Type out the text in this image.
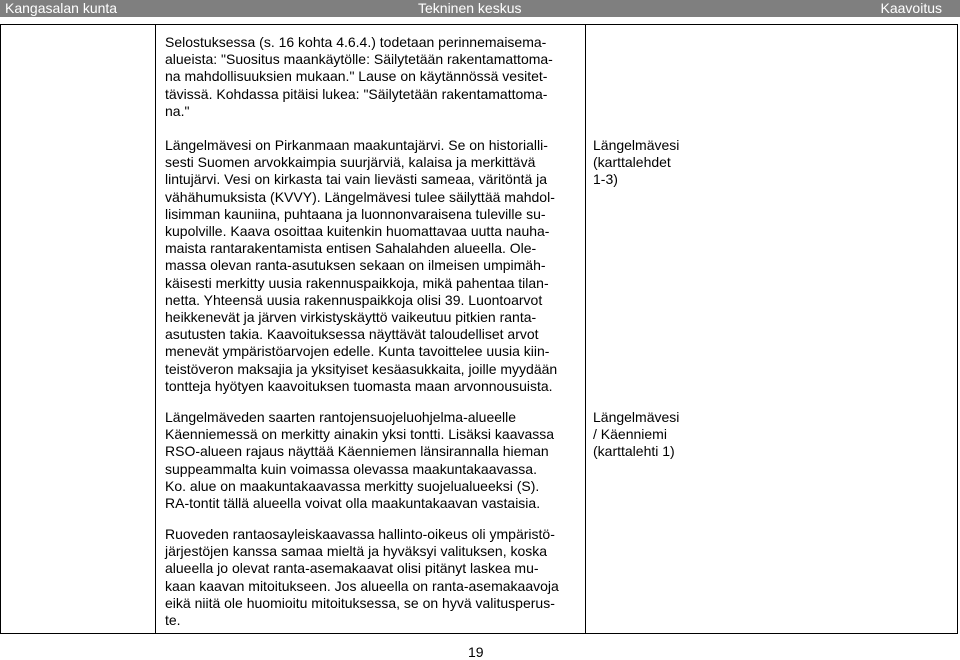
Kangasalan kunta	Tekninen keskus	Kaavoitus
Selostuksessa (s. 16 kohta 4.6.4.) todetaan perinnemaisema-
alueista: "Suositus maankäytölle: Säilytetään rakentamattoma-
na mahdollisuuksien mukaan." Lause on käytännössä vesitet-
tävissä. Kohdassa pitäisi lukea: "Säilytetään rakentamattoma-
na."
Längelmävesi on Pirkanmaan maakuntajärvi. Se on historialli-
sesti Suomen arvokkaimpia suurjärviä, kalaisa ja merkittävä
lintujärvi. Vesi on kirkasta tai vain lievästi sameaa, väritöntä ja
vähähumuksista (KVVY). Längelmävesi tulee säilyttää mahdol-
lisimman kauniina, puhtaana ja luonnonvaraisena tuleville su-
kupolville. Kaava osoittaa kuitenkin huomattavaa uutta nauha-
maista rantarakentamista entisen Sahalahden alueella. Ole-
massa olevan ranta-asutuksen sekaan on ilmeisen umpimäh-
käisesti merkitty uusia rakennuspaikkoja, mikä pahentaa tilan-
netta. Yhteensä uusia rakennuspaikkoja olisi 39. Luontoarvot
heikkenevät ja järven virkistyskäyttö vaikeutuu pitkien ranta-
asutusten takia. Kaavoituksessa näyttävät taloudelliset arvot
menevät ympäristöarvojen edelle. Kunta tavoittelee uusia kiin-
teistöveron maksajia ja yksityiset kesäasukkaita, joille myydään
tontteja hyötyen kaavoituksen tuomasta maan arvonnousuista.
Längelmävesi
(karttalehdet
1-3)
Längelmäveden saarten rantojensuojeluohjelma-alueelle
Käenniemessä on merkitty ainakin yksi tontti. Lisäksi kaavassa
RSO-alueen rajaus näyttää Käenniemen länsirannalla hieman
suppeammalta kuin voimassa olevassa maakuntakaavassa.
Ko. alue on maakuntakaavassa merkitty suojelualueeksi (S).
RA-tontit tällä alueella voivat olla maakuntakaavan vastaisia.
Längelmävesi
/ Käenniemi
(karttalehti 1)
Ruoveden rantaosayleiskaavassa hallinto-oikeus oli ympäristö-
järjestöjen kanssa samaa mieltä ja hyväksyi valituksen, koska
alueella jo olevat ranta-asemakaavat olisi pitänyt laskea mu-
kaan kaavan mitoitukseen. Jos alueella on ranta-asemakaavoja
eikä niitä ole huomioitu mitoituksessa, se on hyvä valitusperus-
te.
19
